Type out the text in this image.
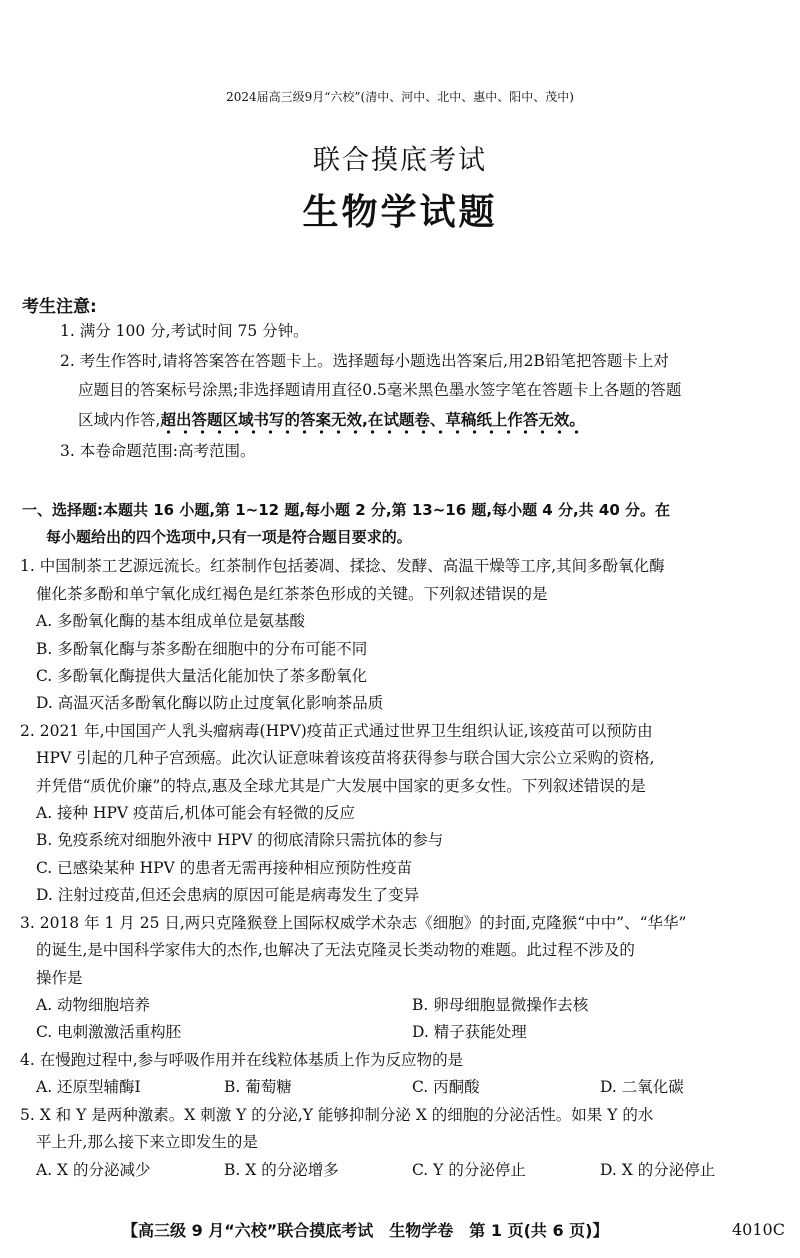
2024届高三级9月“六校”(清中、河中、北中、惠中、阳中、茂中)
联合摸底考试
生物学试题
考生注意:
1. 满分 100 分,考试时间 75 分钟。
2. 考生作答时,请将答案答在答题卡上。选择题每小题选出答案后,用2B铅笔把答题卡上对
应题目的答案标号涂黑;非选择题请用直径0.5毫米黑色墨水签字笔在答题卡上各题的答题
区域内作答,超出答题区域书写的答案无效,在试题卷、草稿纸上作答无效。
3. 本卷命题范围:高考范围。
一、选择题:本题共 16 小题,第 1~12 题,每小题 2 分,第 13~16 题,每小题 4 分,共 40 分。在
每小题给出的四个选项中,只有一项是符合题目要求的。
1. 中国制茶工艺源远流长。红茶制作包括萎凋、揉捻、发酵、高温干燥等工序,其间多酚氧化酶
催化茶多酚和单宁氧化成红褐色是红茶茶色形成的关键。下列叙述错误的是
A. 多酚氧化酶的基本组成单位是氨基酸
B. 多酚氧化酶与茶多酚在细胞中的分布可能不同
C. 多酚氧化酶提供大量活化能加快了茶多酚氧化
D. 高温灭活多酚氧化酶以防止过度氧化影响茶品质
2. 2021 年,中国国产人乳头瘤病毒(HPV)疫苗正式通过世界卫生组织认证,该疫苗可以预防由
HPV 引起的几种子宫颈癌。此次认证意味着该疫苗将获得参与联合国大宗公立采购的资格,
并凭借“质优价廉”的特点,惠及全球尤其是广大发展中国家的更多女性。下列叙述错误的是
A. 接种 HPV 疫苗后,机体可能会有轻微的反应
B. 免疫系统对细胞外液中 HPV 的彻底清除只需抗体的参与
C. 已感染某种 HPV 的患者无需再接种相应预防性疫苗
D. 注射过疫苗,但还会患病的原因可能是病毒发生了变异
3. 2018 年 1 月 25 日,两只克隆猴登上国际权威学术杂志《细胞》的封面,克隆猴“中中”、“华华”
的诞生,是中国科学家伟大的杰作,也解决了无法克隆灵长类动物的难题。此过程不涉及的
操作是
A. 动物细胞培养	B. 卵母细胞显微操作去核
C. 电刺激激活重构胚	D. 精子获能处理
4. 在慢跑过程中,参与呼吸作用并在线粒体基质上作为反应物的是
A. 还原型辅酶Ⅰ	B. 葡萄糖	C. 丙酮酸	D. 二氧化碳
5. X 和 Y 是两种激素。X 刺激 Y 的分泌,Y 能够抑制分泌 X 的细胞的分泌活性。如果 Y 的水
平上升,那么接下来立即发生的是
A. X 的分泌减少	B. X 的分泌增多	C. Y 的分泌停止	D. X 的分泌停止
【高三级 9 月“六校”联合摸底考试　生物学卷　第 1 页(共 6 页)】	4010C
